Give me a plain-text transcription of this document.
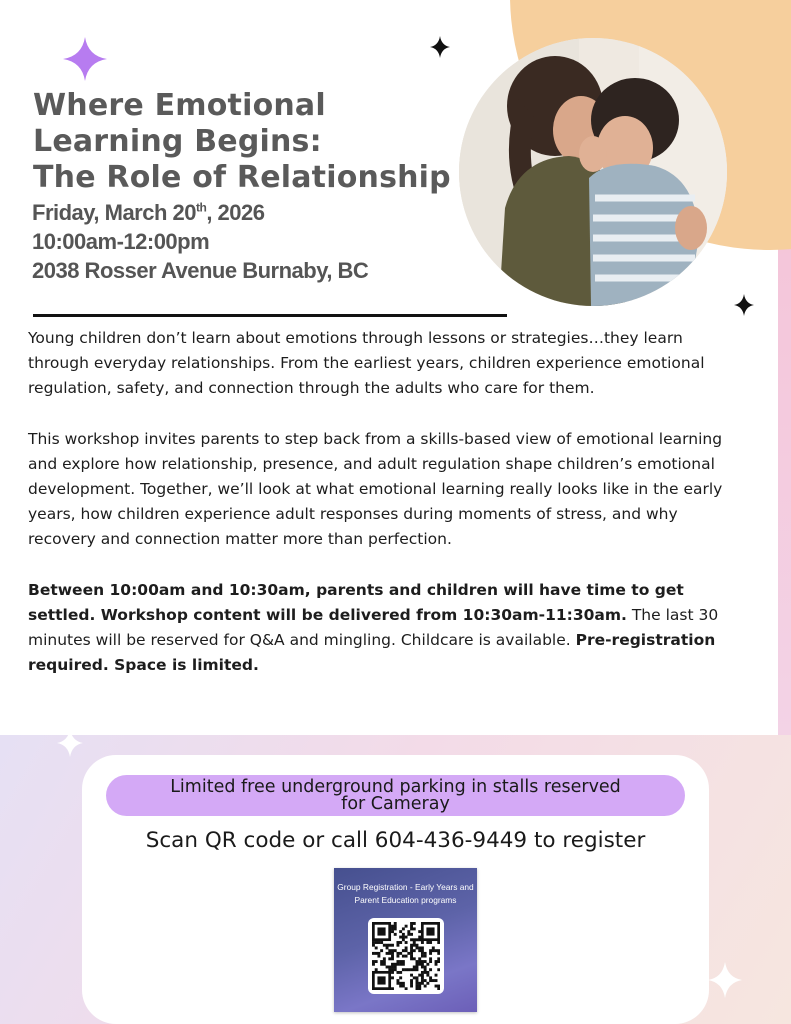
Where Emotional
Learning Begins:
The Role of Relationship
Friday, March 20th, 2026
10:00am-12:00pm
2038 Rosser Avenue Burnaby, BC

Young children don’t learn about emotions through lessons or strategies…they learn through everyday relationships. From the earliest years, children experience emotional regulation, safety, and connection through the adults who care for them.

This workshop invites parents to step back from a skills-based view of emotional learning and explore how relationship, presence, and adult regulation shape children’s emotional development. Together, we’ll look at what emotional learning really looks like in the early years, how children experience adult responses during moments of stress, and why recovery and connection matter more than perfection.

Between 10:00am and 10:30am, parents and children will have time to get settled. Workshop content will be delivered from 10:30am-11:30am. The last 30 minutes will be reserved for Q&A and mingling. Childcare is available. Pre-registration required. Space is limited.

Limited free underground parking in stalls reserved for Cameray
Scan QR code or call 604-436-9449 to register
Group Registration - Early Years and Parent Education programs
